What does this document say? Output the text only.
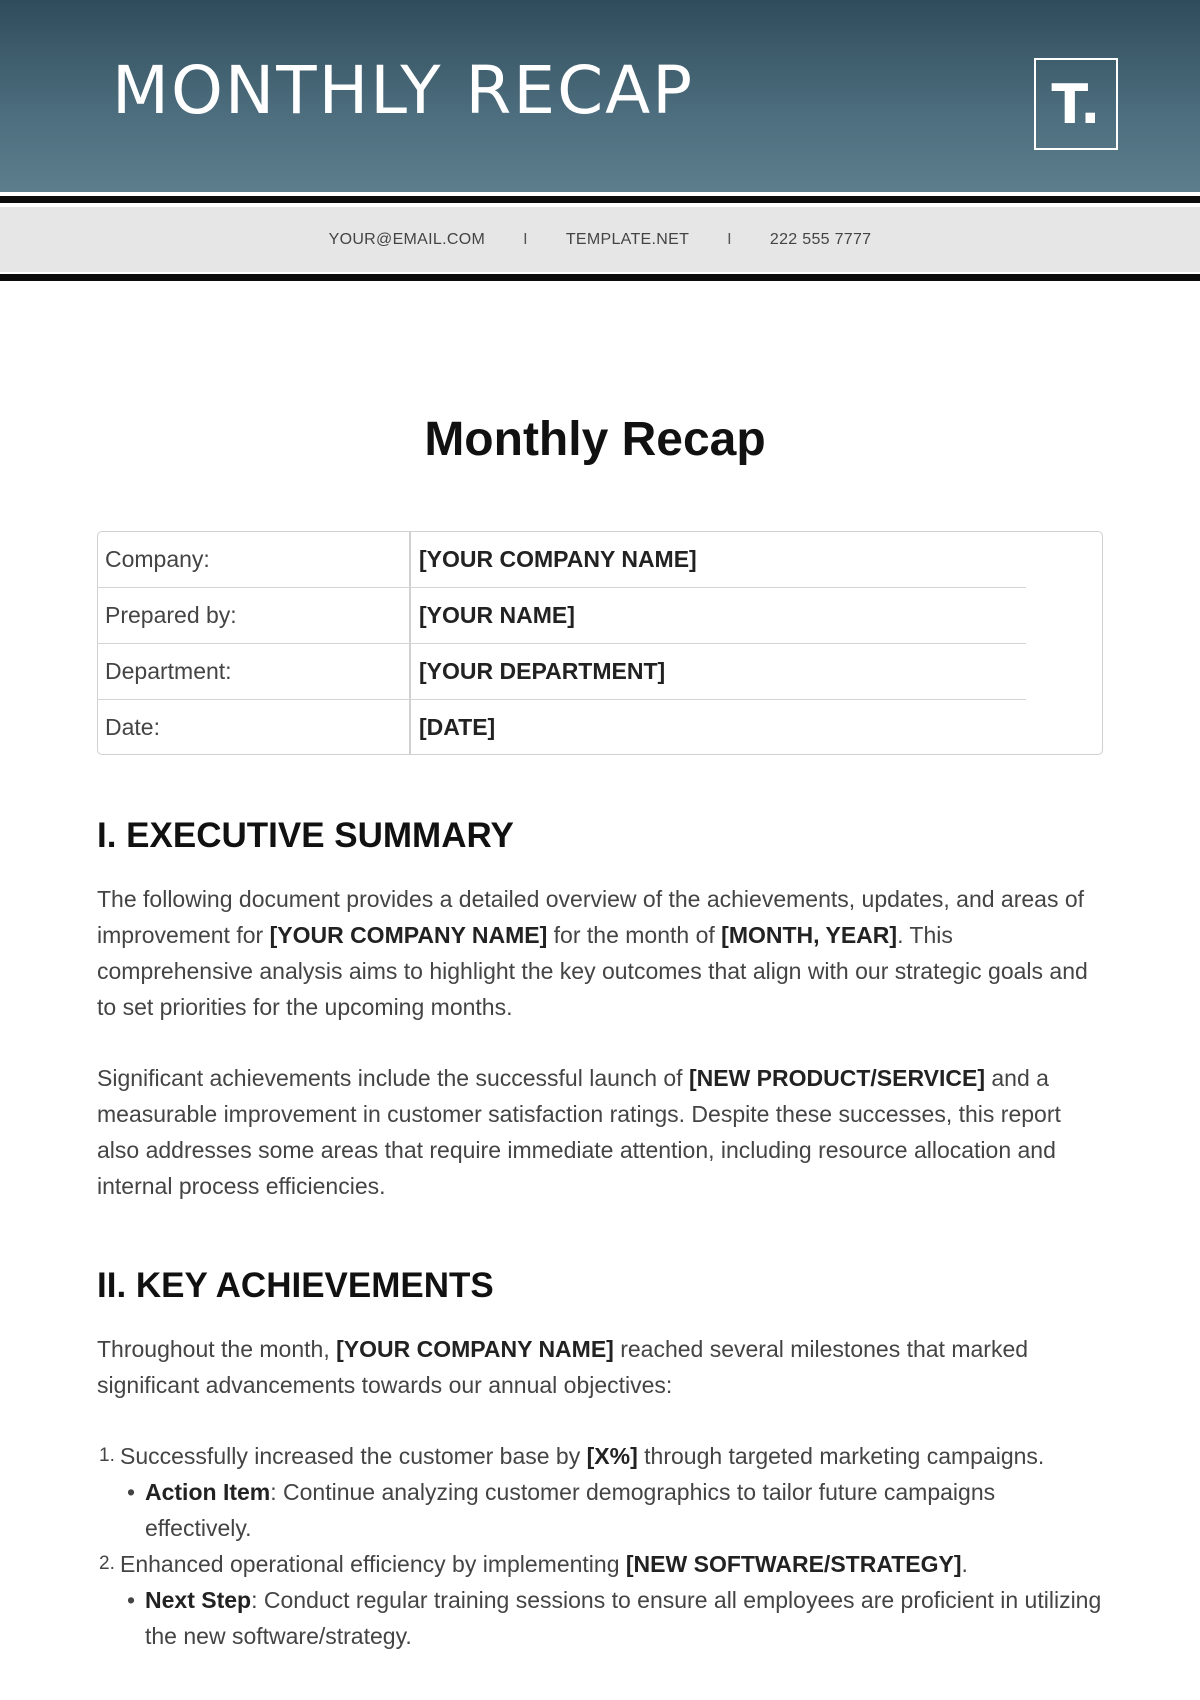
MONTHLY RECAP	T.
YOUR@EMAIL.COM I TEMPLATE.NET I 222 555 7777
Monthly Recap
Company:	[YOUR COMPANY NAME]
Prepared by:	[YOUR NAME]
Department:	[YOUR DEPARTMENT]
Date:	[DATE]
I. EXECUTIVE SUMMARY

The following document provides a detailed overview of the achievements, updates, and areas of improvement for [YOUR COMPANY NAME] for the month of [MONTH, YEAR]. This comprehensive analysis aims to highlight the key outcomes that align with our strategic goals and to set priorities for the upcoming months.

Significant achievements include the successful launch of [NEW PRODUCT/SERVICE] and a measurable improvement in customer satisfaction ratings. Despite these successes, this report also addresses some areas that require immediate attention, including resource allocation and internal process efficiencies.

II. KEY ACHIEVEMENTS

Throughout the month, [YOUR COMPANY NAME] reached several milestones that marked significant advancements towards our annual objectives:

1. Successfully increased the customer base by [X%] through targeted marketing campaigns.
• Action Item: Continue analyzing customer demographics to tailor future campaigns effectively.
2. Enhanced operational efficiency by implementing [NEW SOFTWARE/STRATEGY].
• Next Step: Conduct regular training sessions to ensure all employees are proficient in utilizing the new software/strategy.
